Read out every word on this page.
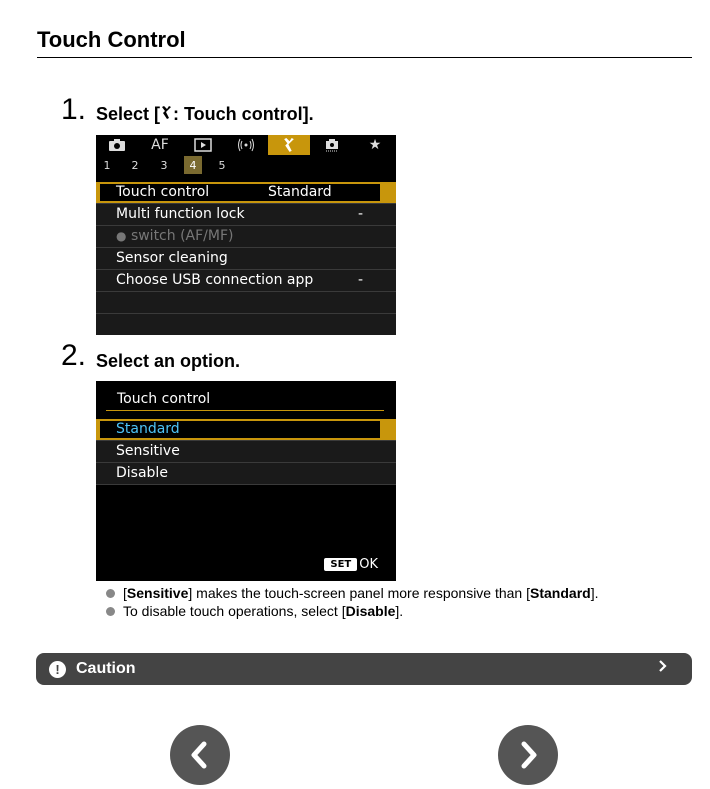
Touch Control
1. Select [ : Touch control].
AF	★
1	2	3	4	5
Touch control	Standard
Multi function lock	-
● switch (AF/MF)
Sensor cleaning
Choose USB connection app	-
2. Select an option.
Touch control
Standard
Sensitive
Disable
SET OK
[Sensitive] makes the touch-screen panel more responsive than [Standard].
To disable touch operations, select [Disable].
!	Caution
